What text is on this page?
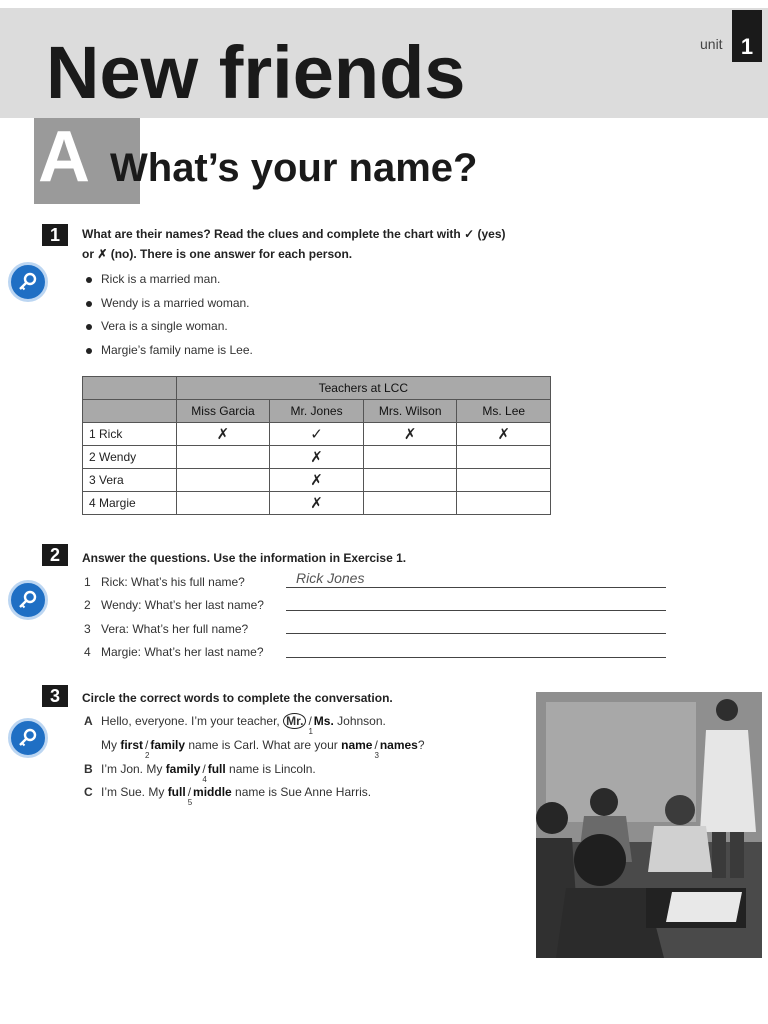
unit 1
New friends
A What’s your name?
1	What are their names? Read the clues and complete the chart with ✓ (yes)
or ✗ (no). There is one answer for each person.
Rick is a married man.
Wendy is a married woman.
Vera is a single woman.
Margie’s family name is Lee.
	Teachers at LCC			
	Miss Garcia	Mr. Jones	Mrs. Wilson	Ms. Lee
1 Rick	✗	✓	✗	✗
2 Wendy		✗		
3 Vera		✗		
4 Margie		✗		
2	Answer the questions. Use the information in Exercise 1.
1 Rick: What’s his full name?	Rick Jones
2 Wendy: What’s her last name?
3 Vera: What’s her full name?
4 Margie: What’s her last name?
3	Circle the correct words to complete the conversation.
A Hello, everyone. I’m your teacher, Mr. /
1
Ms. Johnson.
My first /
2
family name is Carl. What are your name /
3
names?
B I’m Jon. My family /
4
full name is Lincoln.
C I’m Sue. My full /
5
middle name is Sue Anne Harris.
